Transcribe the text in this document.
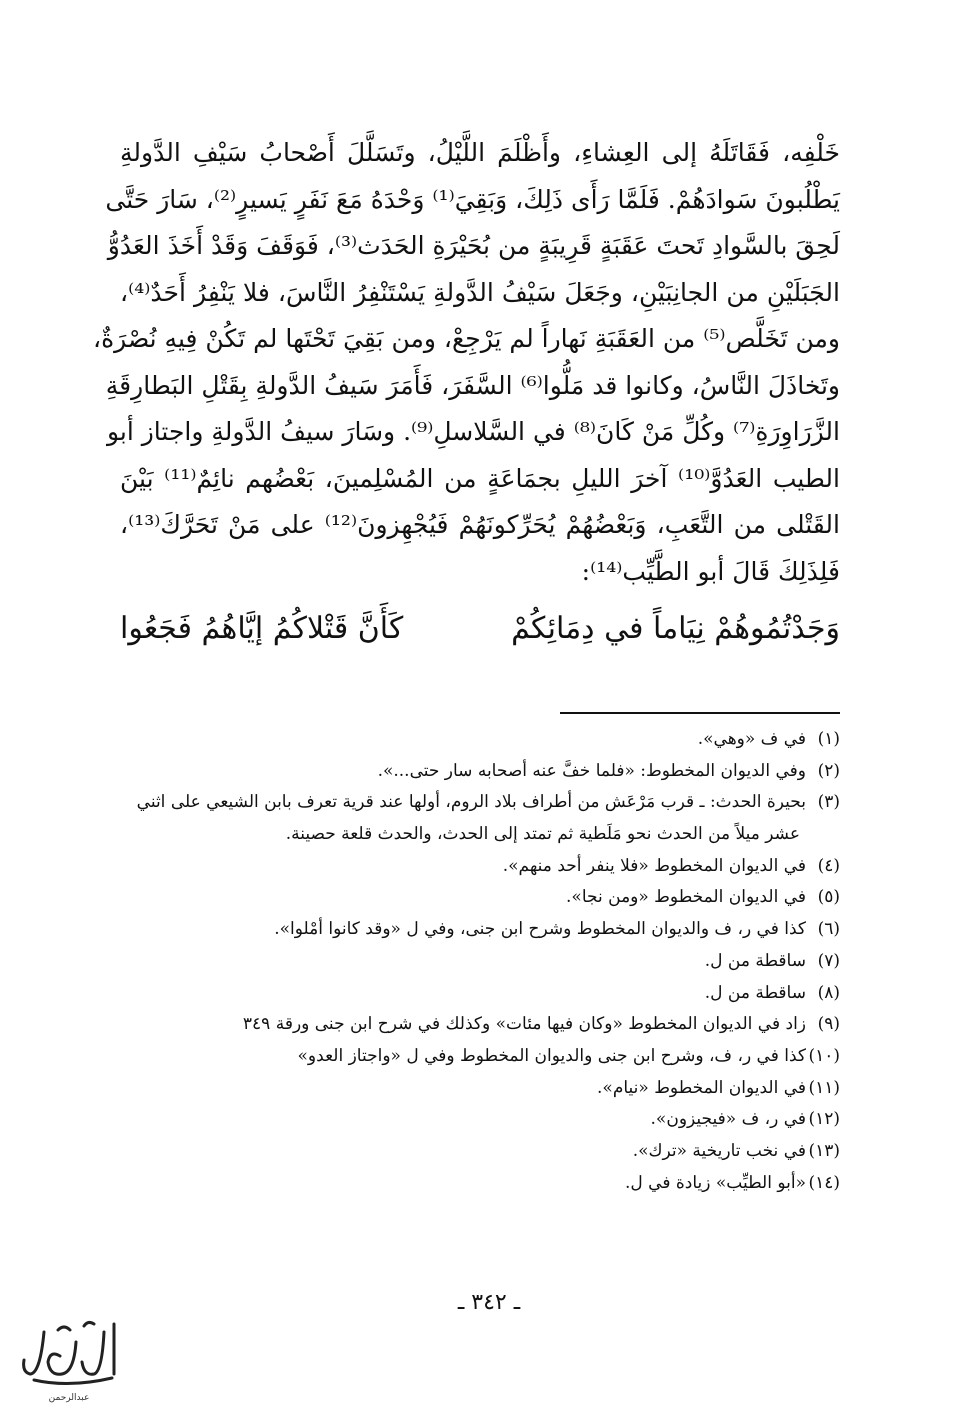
خَلْفِه، فَقَاتَلَهُ إلى العِشاءِ، وأَظْلَمَ اللَّيْلُ، وتَسَلَّلَ أَصْحابُ سَيْفِ الدَّولةِ
يَطْلُبونَ سَوادَهُمْ. فَلَمَّا رَأَى ذَلِكَ، وَبَقِيَ⁽¹⁾ وَحْدَهُ مَعَ نَفَرٍ يَسيرٍ⁽²⁾، سَارَ حَتَّى
لَحِقَ بالسَّوادِ تَحتَ عَقَبَةٍ قَرِيبَةٍ من بُحَيْرَةِ الحَدَث⁽³⁾، فَوَقَفَ وَقَدْ أَخَذَ العَدُوُّ
الجَبَلَيْنِ من الجانِبَيْنِ، وجَعَلَ سَيْفُ الدَّولةِ يَسْتَنْفِرُ النَّاسَ، فلا يَنْفِرُ أَحَدٌ⁽⁴⁾،
ومن تَخَلَّص⁽⁵⁾ من العَقَبَةِ نَهاراً لم يَرْجِعْ، ومن بَقِيَ تَحْتَها لم تَكُنْ فِيهِ نُصْرَةٌ،
وتَخاذَلَ النَّاسُ، وكانوا قد مَلُّوا⁽⁶⁾ السَّفَرَ، فَأَمَرَ سَيفُ الدَّولةِ بِقَتْلِ البَطارِقَةِ
الزَّرَاوِرَةِ⁽⁷⁾ وكُلِّ مَنْ كَانَ⁽⁸⁾ في السَّلاسلِ⁽⁹⁾. وسَارَ سيفُ الدَّولةِ واجتاز أبو
الطيب العَدُوَّ⁽¹⁰⁾ آخرَ الليلِ بجمَاعَةٍ من المُسْلِمينَ، بَعْضُهم نائِمٌ⁽¹¹⁾ بَيْنَ
القَتْلى من التَّعَبِ، وَبَعْضُهُمْ يُحَرِّكونَهُمْ فَيُجْهِزونَ⁽¹²⁾ على مَنْ تَحَرَّكَ⁽¹³⁾،
فَلِذَلِكَ قَالَ أبو الطَّيِّب⁽¹⁴⁾:
وَجَدْتُمُوهُمْ نِيَاماً في دِمَائِكُمْ
كَأَنَّ قَتْلاكُمُ إيَّاهُمُ فَجَعُوا
(١)في ف «وهي».
(٢)وفي الديوان المخطوط: «فلما خفَّ عنه أصحابه سار حتى...».
(٣)بحيرة الحدث: ـ قرب مَرْعَش من أطراف بلاد الروم، أولها عند قرية تعرف بابن الشيعي على اثني
عشر ميلاً من الحدث نحو مَلَطية ثم تمتد إلى الحدث، والحدث قلعة حصينة.
(٤)في الديوان المخطوط «فلا ينفر أحد منهم».
(٥)في الديوان المخطوط «ومن نجا».
(٦)كذا في ر، ف والديوان المخطوط وشرح ابن جنى، وفي ل «وقد كانوا أمْلوا».
(٧)ساقطة من ل.
(٨)ساقطة من ل.
(٩)زاد في الديوان المخطوط «وكان فيها مئات» وكذلك في شرح ابن جنى ورقة ٣٤٩
(١٠)كذا في ر، ف، وشرح ابن جنى والديوان المخطوط وفي ل «واجتاز العدو»
(١١)في الديوان المخطوط «نيام».
(١٢)في ر، ف «فيجيزون».
(١٣)في نخب تاريخية «ترك».
(١٤)«أبو الطيِّب» زيادة في ل.
ـ ٣٤٢ ـ
عبدالرحمن
